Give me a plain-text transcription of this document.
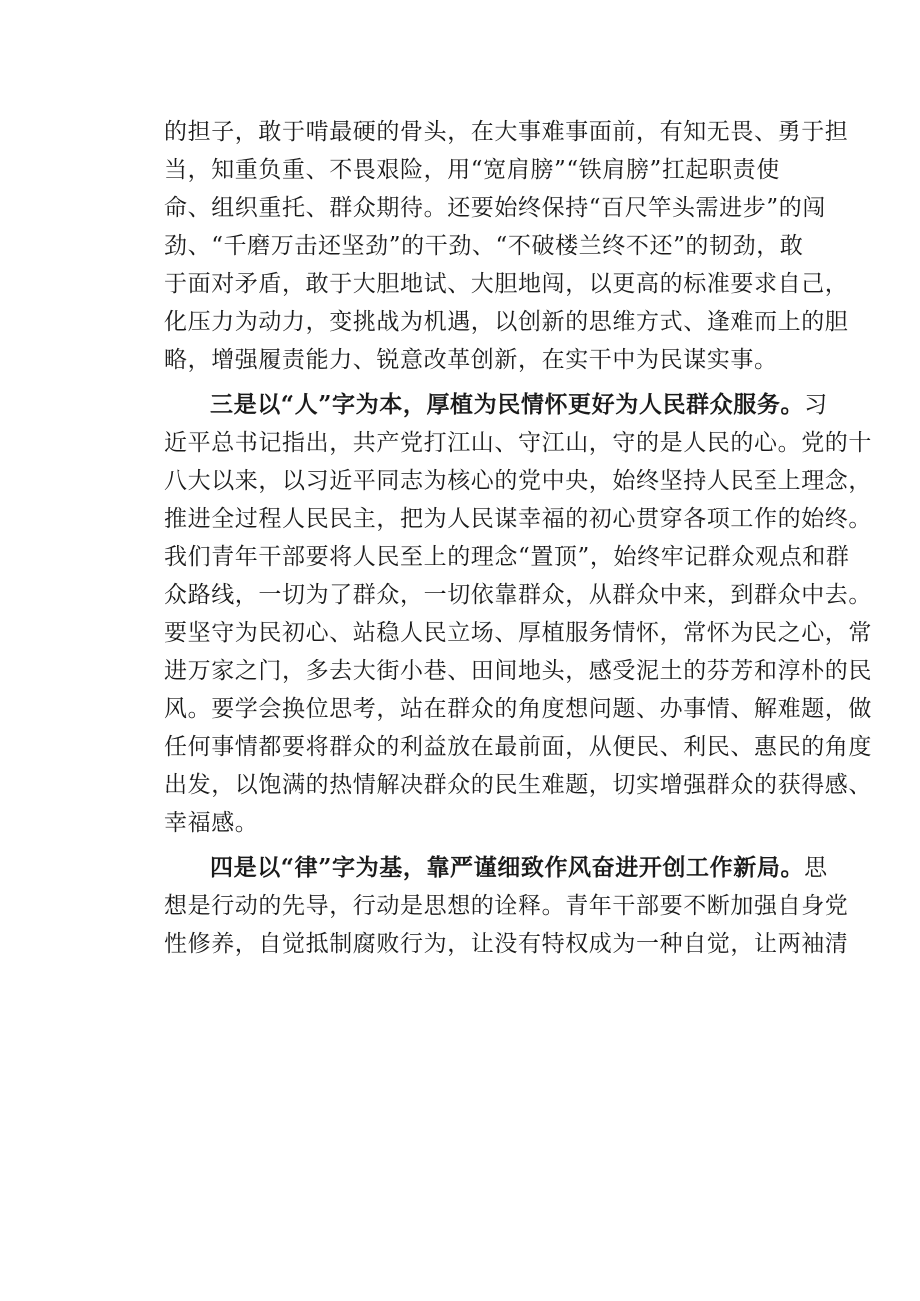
的担子，敢于啃最硬的骨头，在大事难事面前，有知无畏、勇于担
当，知重负重、不畏艰险，用“宽肩膀”“铁肩膀”扛起职责使
命、组织重托、群众期待。还要始终保持“百尺竿头需进步”的闯
劲、“千磨万击还坚劲”的干劲、“不破楼兰终不还”的韧劲，敢
于面对矛盾，敢于大胆地试、大胆地闯，以更高的标准要求自己，
化压力为动力，变挑战为机遇，以创新的思维方式、逢难而上的胆
略，增强履责能力、锐意改革创新，在实干中为民谋实事。
三是以“人”字为本，厚植为民情怀更好为人民群众服务。习
近平总书记指出，共产党打江山、守江山，守的是人民的心。党的十
八大以来，以习近平同志为核心的党中央，始终坚持人民至上理念，
推进全过程人民民主，把为人民谋幸福的初心贯穿各项工作的始终。
我们青年干部要将人民至上的理念“置顶”，始终牢记群众观点和群
众路线，一切为了群众，一切依靠群众，从群众中来，到群众中去。
要坚守为民初心、站稳人民立场、厚植服务情怀，常怀为民之心，常
进万家之门，多去大街小巷、田间地头，感受泥土的芬芳和淳朴的民
风。要学会换位思考，站在群众的角度想问题、办事情、解难题，做
任何事情都要将群众的利益放在最前面，从便民、利民、惠民的角度
出发，以饱满的热情解决群众的民生难题，切实增强群众的获得感、
幸福感。
四是以“律”字为基，靠严谨细致作风奋进开创工作新局。思
想是行动的先导，行动是思想的诠释。青年干部要不断加强自身党
性修养，自觉抵制腐败行为，让没有特权成为一种自觉，让两袖清
